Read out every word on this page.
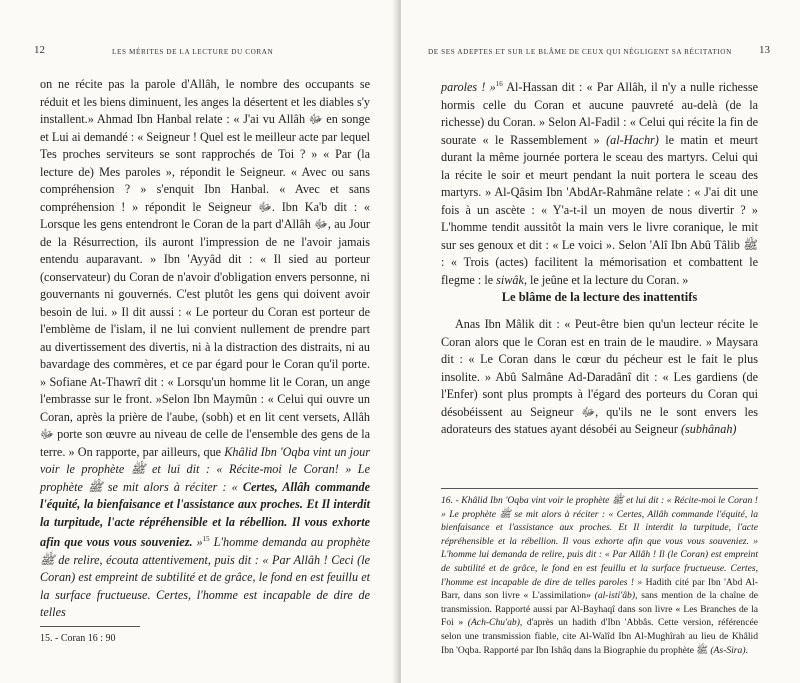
12	LES MÉRITES DE LA LECTURE DU CORAN

on ne récite pas la parole d'Allâh, le nombre des occupants se réduit et les biens diminuent, les anges la désertent et les diables s'y installent.» Ahmad Ibn Hanbal relate : « J'ai vu Allâh ﷻ en songe et Lui ai demandé : « Seigneur ! Quel est le meilleur acte par lequel Tes proches serviteurs se sont rapprochés de Toi ? » « Par (la lecture de) Mes paroles », répondit le Seigneur. « Avec ou sans compréhension ? » s'enquit Ibn Hanbal. « Avec et sans compréhension ! » répondit le Seigneur ﷻ. Ibn Ka'b dit : « Lorsque les gens entendront le Coran de la part d'Allâh ﷻ, au Jour de la Résurrection, ils auront l'impression de ne l'avoir jamais entendu auparavant. » Ibn 'Ayyâd dit : « Il sied au porteur (conservateur) du Coran de n'avoir d'obligation envers personne, ni gouvernants ni gouvernés. C'est plutôt les gens qui doivent avoir besoin de lui. » Il dit aussi : « Le porteur du Coran est porteur de l'emblème de l'islam, il ne lui convient nullement de prendre part au divertissement des divertis, ni à la distraction des distraits, ni au bavardage des commères, et ce par égard pour le Coran qu'il porte. » Sofiane At-Thawrî dit : « Lorsqu'un homme lit le Coran, un ange l'embrasse sur le front. »Selon Ibn Maymûn : « Celui qui ouvre un Coran, après la prière de l'aube, (sobh) et en lit cent versets, Allâh ﷻ porte son œuvre au niveau de celle de l'ensemble des gens de la terre. » On rapporte, par ailleurs, que Khâlid Ibn 'Oqba vint un jour voir le prophète ﷺ et lui dit : « Récite-moi le Coran! » Le prophète ﷺ se mit alors à réciter : « Certes, Allâh commande l'équité, la bienfaisance et l'assistance aux proches. Et Il interdit la turpitude, l'acte répréhensible et la rébellion. Il vous exhorte afin que vous vous souveniez. »$^{15}$ L'homme demanda au prophète ﷺ de relire, écouta attentivement, puis dit : « Par Allâh ! Ceci (le Coran) est empreint de subtilité et de grâce, le fond en est feuillu et la surface fructueuse. Certes, l'homme est incapable de dire de telles

15. - Coran 16 : 90
DE SES ADEPTES ET SUR LE BLÂME DE CEUX QUI NÉGLIGENT SA RÉCITATION 13

paroles ! »$^{16}$ Al-Hassan dit : « Par Allâh, il n'y a nulle richesse hormis celle du Coran et aucune pauvreté au-delà (de la richesse) du Coran. » Selon Al-Fadil : « Celui qui récite la fin de sourate « le Rassemblement » (al-Hachr) le matin et meurt durant la même journée portera le sceau des martyrs. Celui qui la récite le soir et meurt pendant la nuit portera le sceau des martyrs. » Al-Qâsim Ibn 'AbdAr-Rahmâne relate : « J'ai dit une fois à un ascète : « Y'a-t-il un moyen de nous divertir ? » L'homme tendit aussitôt la main vers le livre coranique, le mit sur ses genoux et dit : « Le voici ». Selon 'Alî Ibn Abû Tâlib ﷺ : « Trois (actes) facilitent la mémorisation et combattent le flegme : le siwâk, le jeûne et la lecture du Coran. »

Le blâme de la lecture des inattentifs

Anas Ibn Mâlik dit : « Peut-être bien qu'un lecteur récite le Coran alors que le Coran est en train de le maudire. » Maysara dit : « Le Coran dans le cœur du pécheur est le fait le plus insolite. » Abû Salmâne Ad-Daradânî dit : « Les gardiens (de l'Enfer) sont plus prompts à l'égard des porteurs du Coran qui désobéissent au Seigneur ﷻ, qu'ils ne le sont envers les adorateurs des statues ayant désobéi au Seigneur (subhânah)

16. - Khâlid Ibn 'Oqba vint voir le prophète ﷺ et lui dit : « Récite-moi le Coran ! » Le prophète ﷺ se mit alors à réciter : « Certes, Allâh commande l'équité, la bienfaisance et l'assistance aux proches. Et Il interdit la turpitude, l'acte répréhensible et la rébellion. Il vous exhorte afin que vous vous souveniez. » L'homme lui demanda de relire, puis dit : « Par Allâh ! Il (le Coran) est empreint de subtilité et de grâce, le fond en est feuillu et la surface fructueuse. Certes, l'homme est incapable de dire de telles paroles ! » Hadith cité par Ibn 'Abd Al-Barr, dans son livre « L'assimilation» (al-isti'âb), sans mention de la chaîne de transmission. Rapporté aussi par Al-Bayhaqî dans son livre « Les Branches de la Foi » (Ach-Chu'ab), d'après un hadith d'Ibn 'Abbâs. Cette version, référencée selon une transmission fiable, cite Al-Walîd Ibn Al-Mughîrah au lieu de Khâlid Ibn 'Oqba. Rapporté par Ibn Ishâq dans la Biographie du prophète ﷺ (As-Sira).
